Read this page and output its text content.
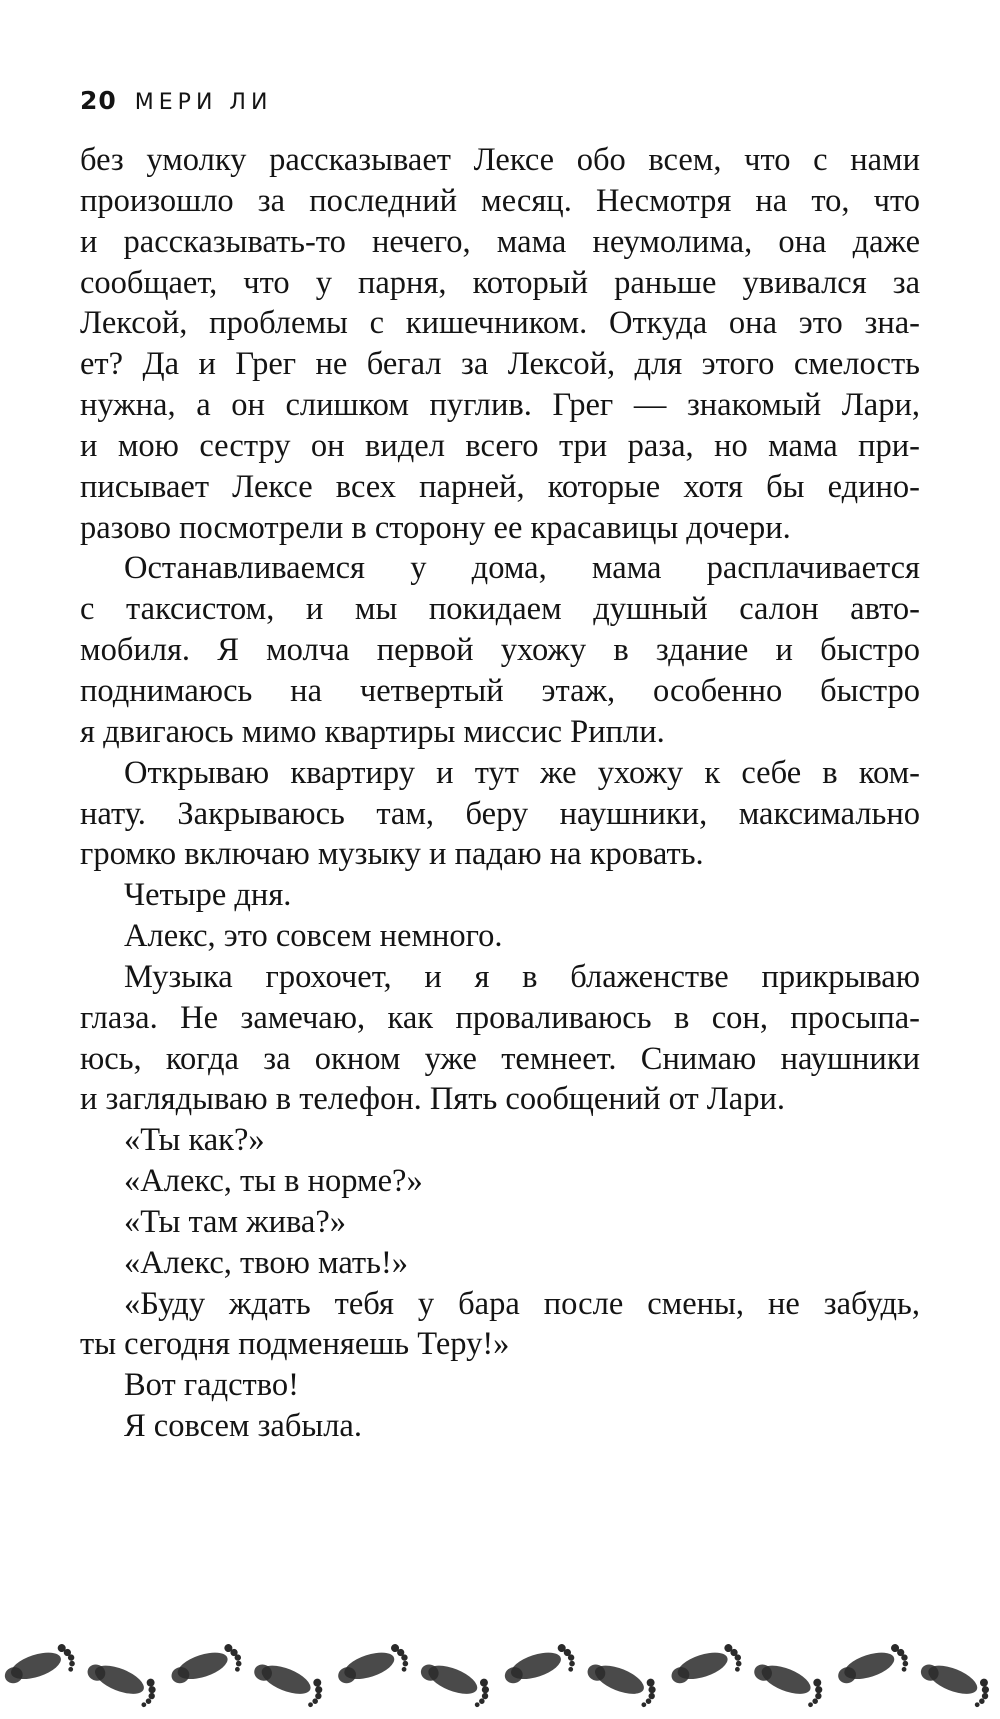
20 МЕРИ ЛИ
без умолку рассказывает Лексе обо всем, что с нами
произошло за последний месяц. Несмотря на то, что
и рассказывать-то нечего, мама неумолима, она даже
сообщает, что у парня, который раньше увивался за
Лексой, проблемы с кишечником. Откуда она это зна-
ет? Да и Грег не бегал за Лексой, для этого смелость
нужна, а он слишком пуглив. Грег — знакомый Лари,
и мою сестру он видел всего три раза, но мама при-
писывает Лексе всех парней, которые хотя бы едино-
разово посмотрели в сторону ее красавицы дочери.
Останавливаемся у дома, мама расплачивается
с таксистом, и мы покидаем душный салон авто-
мобиля. Я молча первой ухожу в здание и быстро
поднимаюсь на четвертый этаж, особенно быстро
я двигаюсь мимо квартиры миссис Рипли.
Открываю квартиру и тут же ухожу к себе в ком-
нату. Закрываюсь там, беру наушники, максимально
громко включаю музыку и падаю на кровать.
Четыре дня.
Алекс, это совсем немного.
Музыка грохочет, и я в блаженстве прикрываю
глаза. Не замечаю, как проваливаюсь в сон, просыпа-
юсь, когда за окном уже темнеет. Снимаю наушники
и заглядываю в телефон. Пять сообщений от Лари.
«Ты как?»
«Алекс, ты в норме?»
«Ты там жива?»
«Алекс, твою мать!»
«Буду ждать тебя у бара после смены, не забудь,
ты сегодня подменяешь Теру!»
Вот гадство!
Я совсем забыла.
